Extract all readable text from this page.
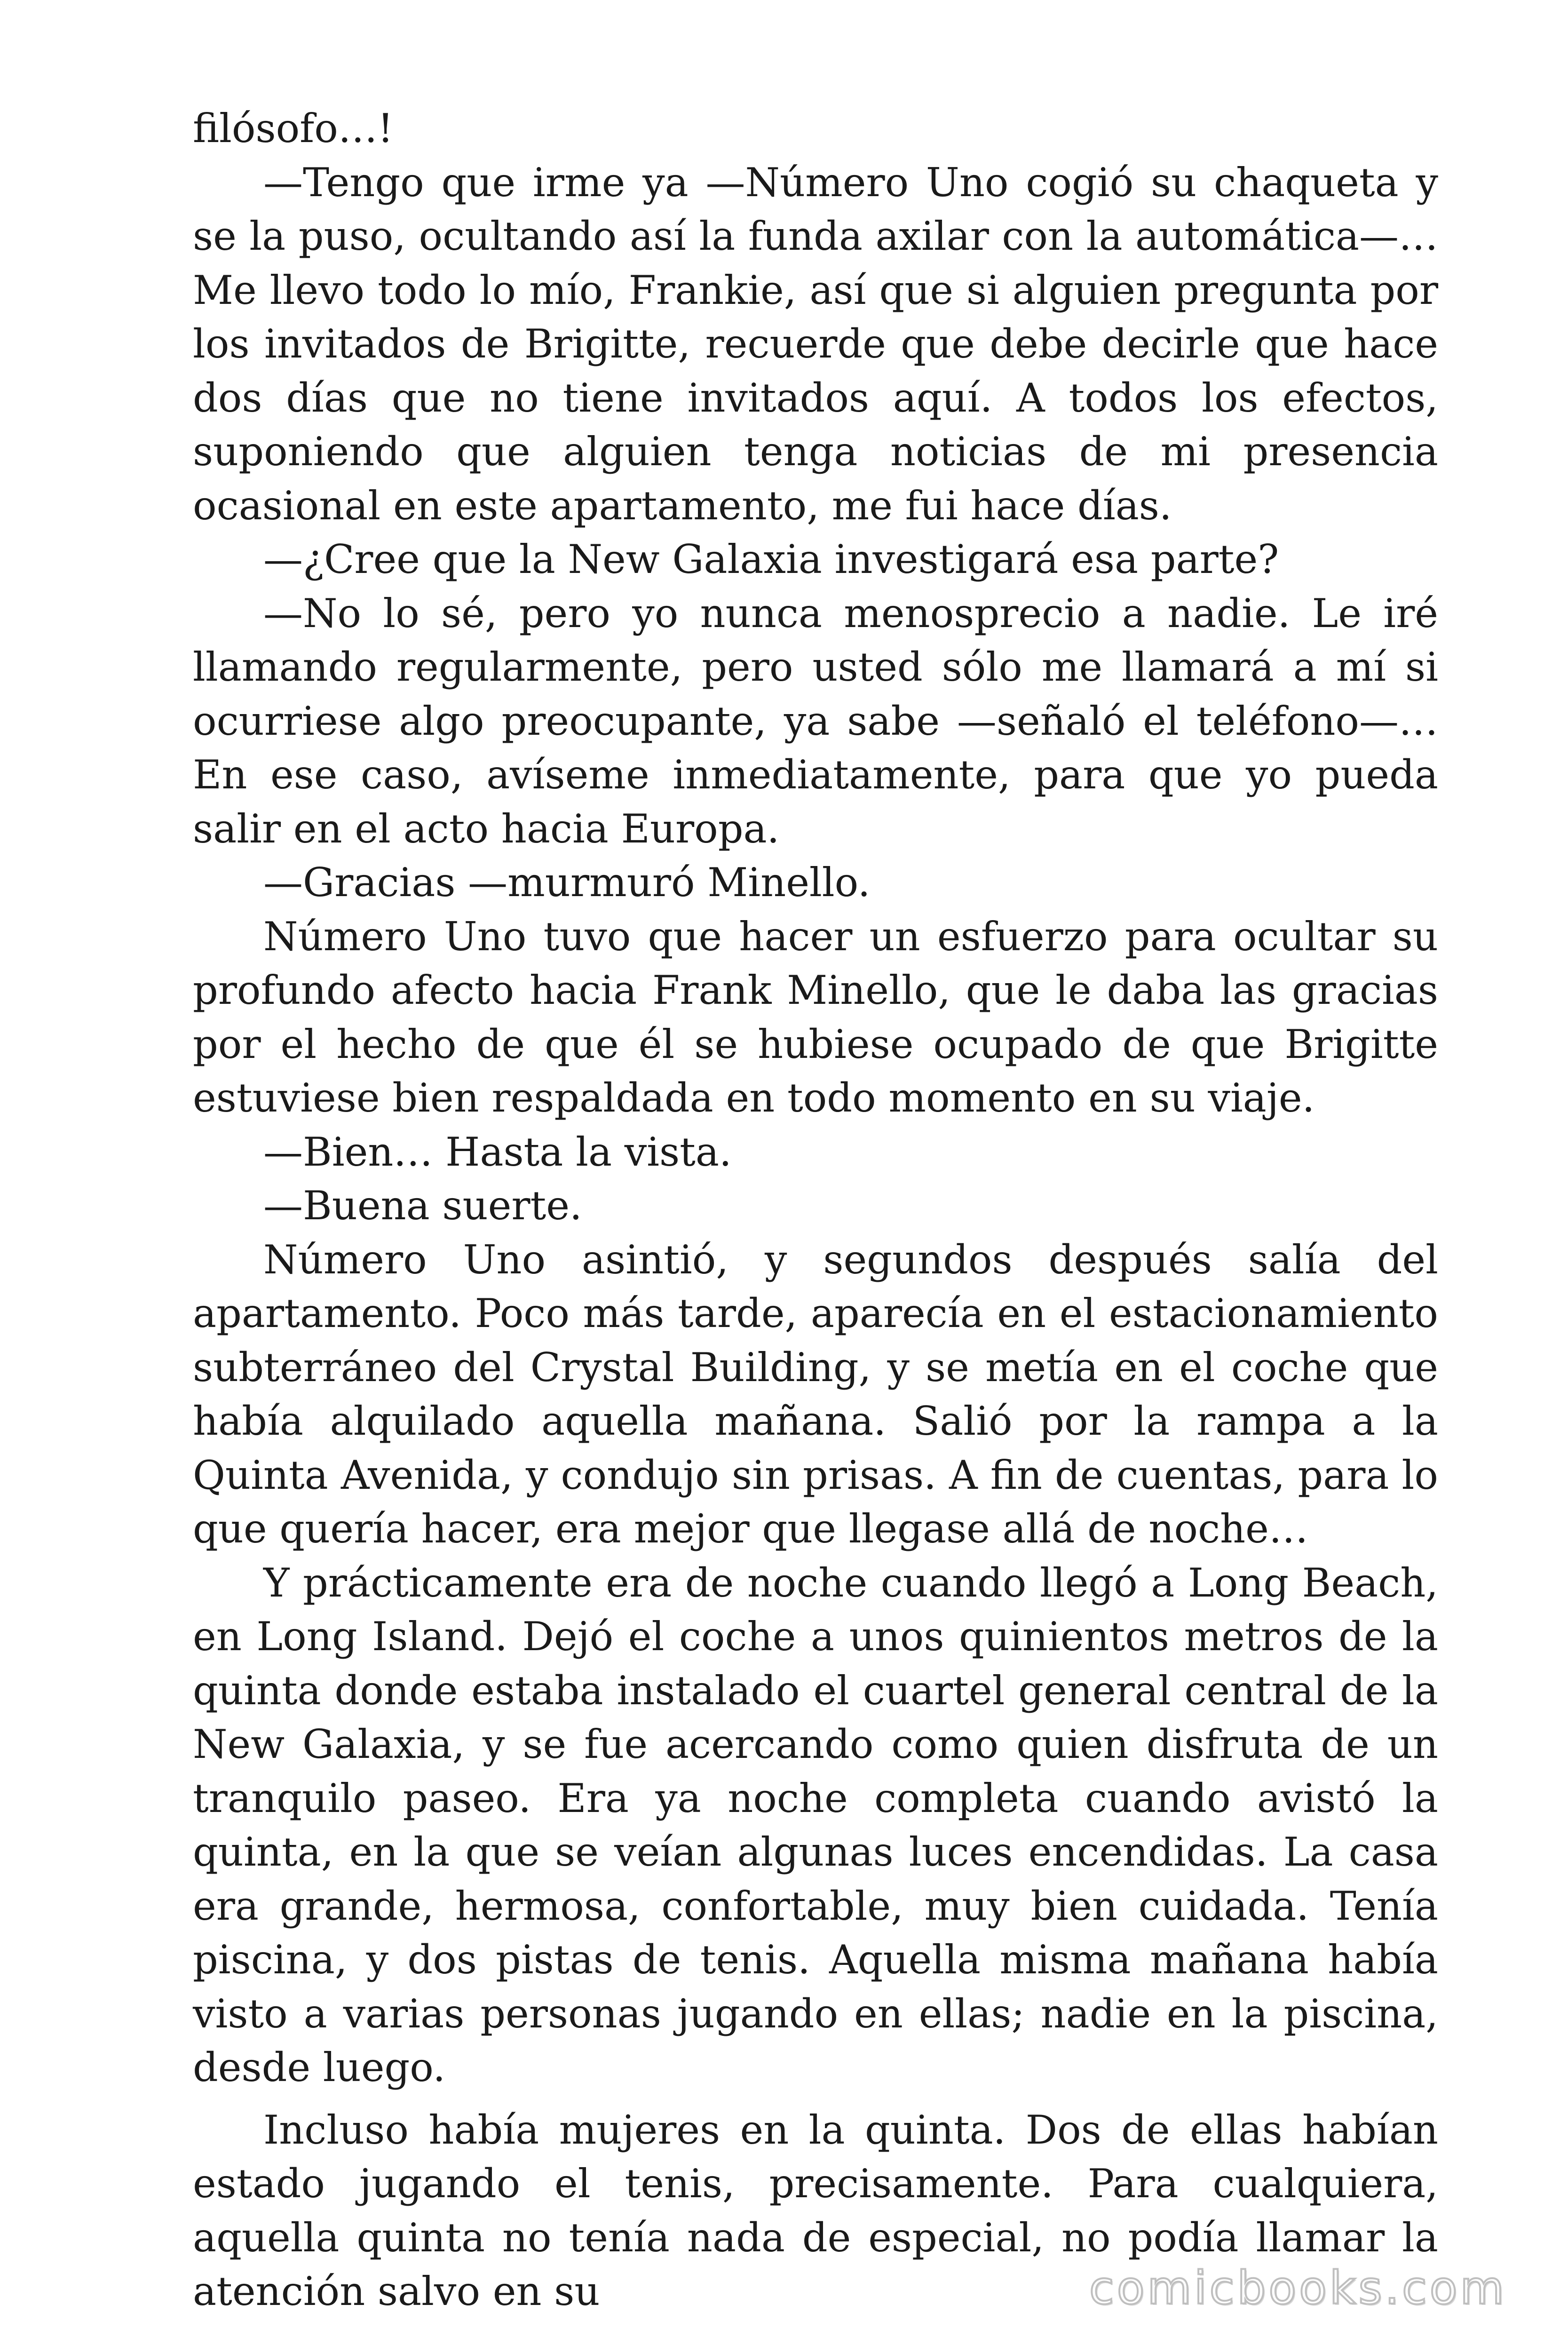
filósofo…!

—Tengo que irme ya —Número Uno cogió su chaqueta y se la puso, ocultando así la funda axilar con la automática—… Me llevo todo lo mío, Frankie, así que si alguien pregunta por los invitados de Brigitte, recuerde que debe decirle que hace dos días que no tiene invitados aquí. A todos los efectos, suponiendo que alguien tenga noticias de mi presencia ocasional en este apartamento, me fui hace días.

—¿Cree que la New Galaxia investigará esa parte?

—No lo sé, pero yo nunca menosprecio a nadie. Le iré llamando regularmente, pero usted sólo me llamará a mí si ocurriese algo preocupante, ya sabe —señaló el teléfono—… En ese caso, avíseme inmediatamente, para que yo pueda salir en el acto hacia Europa.

—Gracias —murmuró Minello.

Número Uno tuvo que hacer un esfuerzo para ocultar su profundo afecto hacia Frank Minello, que le daba las gracias por el hecho de que él se hubiese ocupado de que Brigitte estuviese bien respaldada en todo momento en su viaje.

—Bien… Hasta la vista.

—Buena suerte.

Número Uno asintió, y segundos después salía del apartamento. Poco más tarde, aparecía en el estacionamiento subterráneo del Crystal Building, y se metía en el coche que había alquilado aquella mañana. Salió por la rampa a la Quinta Avenida, y condujo sin prisas. A fin de cuentas, para lo que quería hacer, era mejor que llegase allá de noche…

Y prácticamente era de noche cuando llegó a Long Beach, en Long Island. Dejó el coche a unos quinientos metros de la quinta donde estaba instalado el cuartel general central de la New Galaxia, y se fue acercando como quien disfruta de un tranquilo paseo. Era ya noche completa cuando avistó la quinta, en la que se veían algunas luces encendidas. La casa era grande, hermosa, confortable, muy bien cuidada. Tenía piscina, y dos pistas de tenis. Aquella misma mañana había visto a varias personas jugando en ellas; nadie en la piscina, desde luego.

Incluso había mujeres en la quinta. Dos de ellas habían estado jugando el tenis, precisamente. Para cualquiera, aquella quinta no tenía nada de especial, no podía llamar la atención salvo en su	comicbooks.com
